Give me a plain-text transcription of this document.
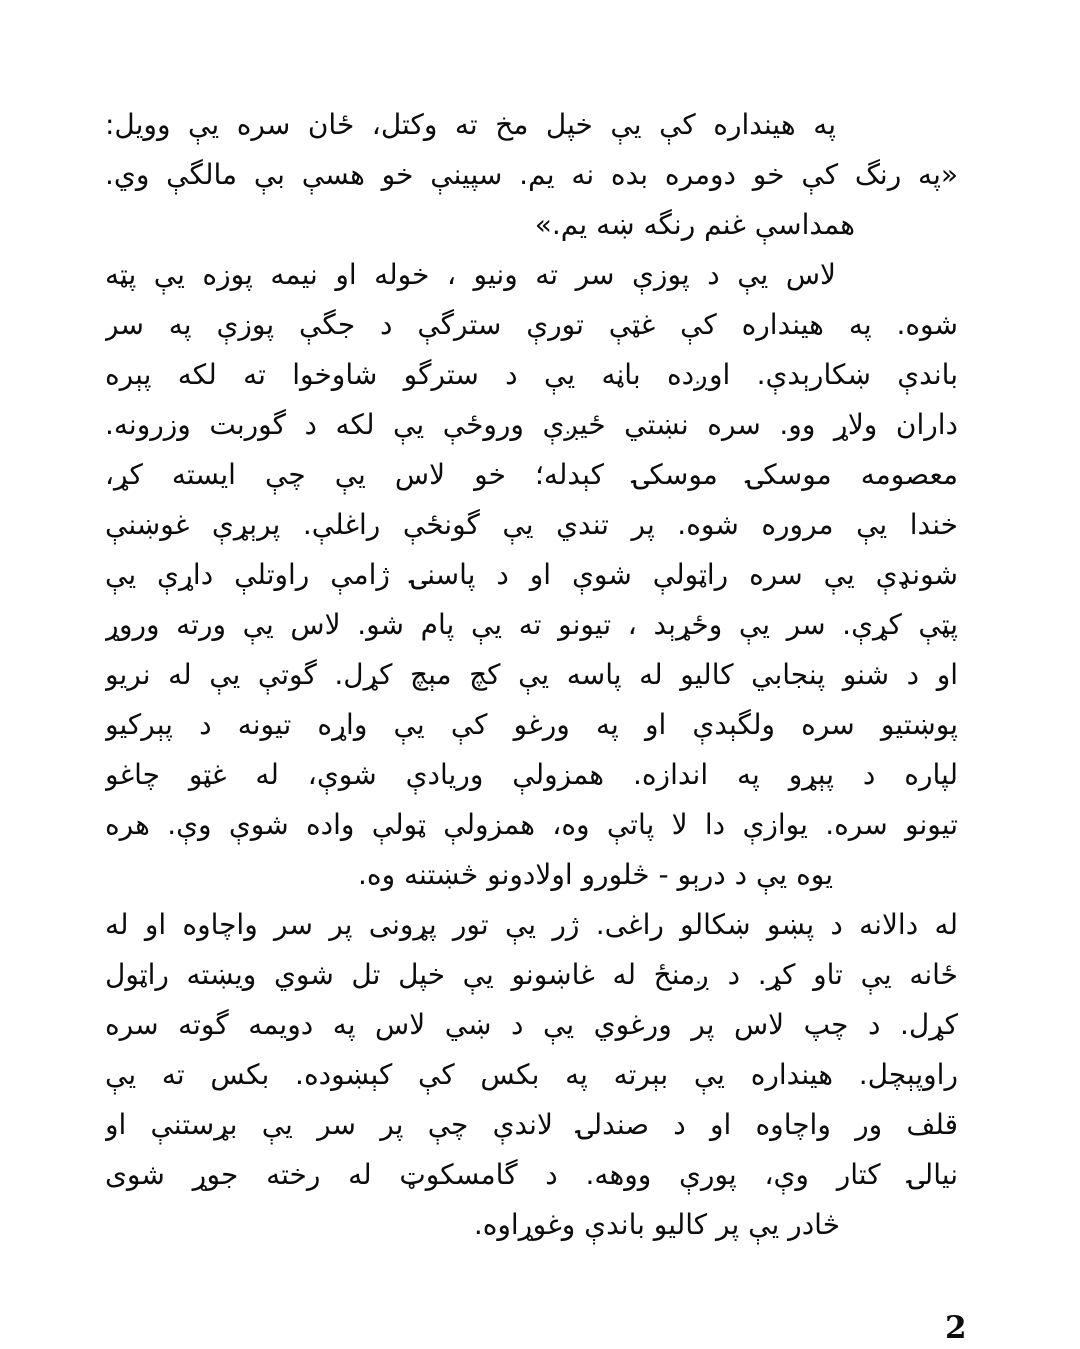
په هينداره کې يې خپل مخ ته وکتل، ځان سره يې وويل:
«په رنگ کې خو دومره بده نه يم. سپينې خو هسې بې مالگې وي.
همداسې غنم رنگه ښه يم.»
لاس يې د پوزې سر ته ونيو ، خوله او نيمه پوزه يې پټه
شوه. په هينداره کې غټې تورې سترگې د جگې پوزې په سر
باندې ښکارېدې. اوږده باڼه يې د سترگو شاوخوا ته لکه پېره
داران ولاړ وو. سره نښتي ځيږې وروځې يې لکه د گوربت وزرونه.
معصومه موسکۍ موسکۍ کېدله؛ خو لاس يې چې ايسته کړ،
خندا يې مروره شوه. پر تندي يې گونځې راغلې. پرېړې غوښنې
شونډې يې سره راټولې شوې او د پاسنۍ ژامې راوتلې داړې يې
پټې کړې. سر يې وځړېد ، تيونو ته يې پام شو. لاس يې ورته وروړ
او د شنو پنجابي کاليو له پاسه يې کچ مېچ کړل. گوتې يې له نريو
پوښتيو سره ولگېدې او په ورغو کې يې واړه تيونه د پېرکيو
لپاره د پېړو په اندازه. همزولې وريادې شوې، له غټو چاغو
تيونو سره. يوازې دا لا پاتې وه، همزولې ټولې واده شوې وې. هره
يوه يې د درېو - څلورو اولادونو څښتنه وه.
له دالانه د پښو ښکالو راغی. ژر يې تور پړونی پر سر واچاوه او له
ځانه يې تاو کړ. د ږمنځ له غاښونو يې خپل تل شوي ويښته راټول
کړل. د چپ لاس پر ورغوي يې د ښي لاس په دويمه گوته سره
راوپېچل. هينداره يې بېرته په بکس کې کېښوده. بکس ته يې
قلف ور واچاوه او د صندلۍ لاندې چې پر سر يې بړستنې او
نيالۍ کتار وې، پورې ووهه. د گامسکوټ له رخته جوړ شوی
څادر يې پر کاليو باندې وغوړاوه.
2
